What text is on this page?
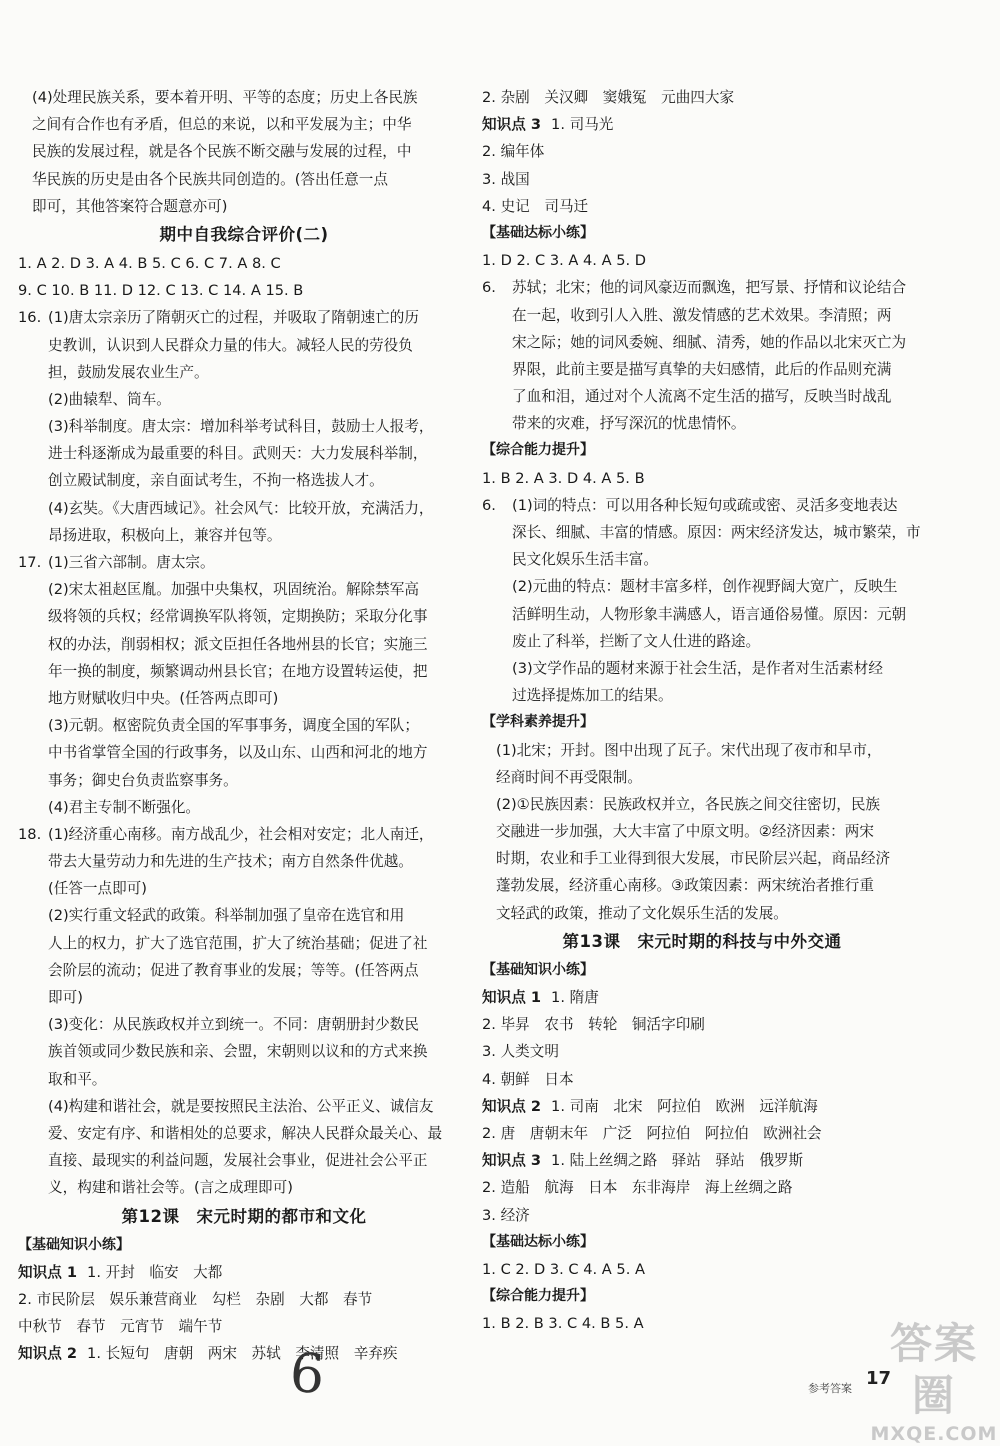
(4)处理民族关系，要本着开明、平等的态度；历史上各民族
之间有合作也有矛盾，但总的来说，以和平发展为主；中华
民族的发展过程，就是各个民族不断交融与发展的过程，中
华民族的历史是由各个民族共同创造的。(答出任意一点
即可，其他答案符合题意亦可)
期中自我综合评价(二)
1. A 2. D 3. A 4. B 5. C 6. C 7. A 8. C
9. C 10. B 11. D 12. C 13. C 14. A 15. B
16. (1)唐太宗亲历了隋朝灭亡的过程，并吸取了隋朝速亡的历
史教训，认识到人民群众力量的伟大。减轻人民的劳役负
担，鼓励发展农业生产。
(2)曲辕犁、筒车。
(3)科举制度。唐太宗：增加科举考试科目，鼓励士人报考，
进士科逐渐成为最重要的科目。武则天：大力发展科举制，
创立殿试制度，亲自面试考生，不拘一格选拔人才。
(4)玄奘。《大唐西域记》。社会风气：比较开放，充满活力，
昂扬进取，积极向上，兼容并包等。
17. (1)三省六部制。唐太宗。
(2)宋太祖赵匡胤。加强中央集权，巩固统治。解除禁军高
级将领的兵权；经常调换军队将领，定期换防；采取分化事
权的办法，削弱相权；派文臣担任各地州县的长官；实施三
年一换的制度，频繁调动州县长官；在地方设置转运使，把
地方财赋收归中央。(任答两点即可)
(3)元朝。枢密院负责全国的军事事务，调度全国的军队；
中书省掌管全国的行政事务，以及山东、山西和河北的地方
事务；御史台负责监察事务。
(4)君主专制不断强化。
18. (1)经济重心南移。南方战乱少，社会相对安定；北人南迁，
带去大量劳动力和先进的生产技术；南方自然条件优越。
(任答一点即可)
(2)实行重文轻武的政策。科举制加强了皇帝在选官和用
人上的权力，扩大了选官范围，扩大了统治基础；促进了社
会阶层的流动；促进了教育事业的发展；等等。(任答两点
即可)
(3)变化：从民族政权并立到统一。不同：唐朝册封少数民
族首领或同少数民族和亲、会盟，宋朝则以议和的方式来换
取和平。
(4)构建和谐社会，就是要按照民主法治、公平正义、诚信友
爱、安定有序、和谐相处的总要求，解决人民群众最关心、最
直接、最现实的利益问题，发展社会事业，促进社会公平正
义，构建和谐社会等。(言之成理即可)
第12课　宋元时期的都市和文化
【基础知识小练】
知识点 1 1. 开封　临安　大都
2. 市民阶层　娱乐兼营商业　勾栏　杂剧　大都　春节
中秋节　春节　元宵节　端午节
知识点 2 1. 长短句　唐朝　两宋　苏轼　李清照　辛弃疾
2. 杂剧　关汉卿　窦娥冤　元曲四大家
知识点 3 1. 司马光
2. 编年体
3. 战国
4. 史记　司马迁
【基础达标小练】
1. D 2. C 3. A 4. A 5. D
6. 苏轼；北宋；他的词风豪迈而飘逸，把写景、抒情和议论结合
在一起，收到引人入胜、激发情感的艺术效果。李清照；两
宋之际；她的词风委婉、细腻、清秀，她的作品以北宋灭亡为
界限，此前主要是描写真挚的夫妇感情，此后的作品则充满
了血和泪，通过对个人流离不定生活的描写，反映当时战乱
带来的灾难，抒写深沉的忧患情怀。
【综合能力提升】
1. B 2. A 3. D 4. A 5. B
6. (1)词的特点：可以用各种长短句或疏或密、灵活多变地表达
深长、细腻、丰富的情感。原因：两宋经济发达，城市繁荣，市
民文化娱乐生活丰富。
(2)元曲的特点：题材丰富多样，创作视野阔大宽广，反映生
活鲜明生动，人物形象丰满感人，语言通俗易懂。原因：元朝
废止了科举，拦断了文人仕进的路途。
(3)文学作品的题材来源于社会生活，是作者对生活素材经
过选择提炼加工的结果。
【学科素养提升】
(1)北宋；开封。图中出现了瓦子。宋代出现了夜市和早市，
经商时间不再受限制。
(2)①民族因素：民族政权并立，各民族之间交往密切，民族
交融进一步加强，大大丰富了中原文明。②经济因素：两宋
时期，农业和手工业得到很大发展，市民阶层兴起，商品经济
蓬勃发展，经济重心南移。③政策因素：两宋统治者推行重
文轻武的政策，推动了文化娱乐生活的发展。
第13课　宋元时期的科技与中外交通
【基础知识小练】
知识点 1 1. 隋唐
2. 毕昇　农书　转轮　铜活字印刷
3. 人类文明
4. 朝鲜　日本
知识点 2 1. 司南　北宋　阿拉伯　欧洲　远洋航海
2. 唐　唐朝末年　广泛　阿拉伯　阿拉伯　欧洲社会
知识点 3 1. 陆上丝绸之路　驿站　驿站　俄罗斯
2. 造船　航海　日本　东非海岸　海上丝绸之路
3. 经济
【基础达标小练】
1. C 2. D 3. C 4. A 5. A
【综合能力提升】
1. B 2. B 3. C 4. B 5. A
6	参考答案 17
答案圈
MXQE.COM
